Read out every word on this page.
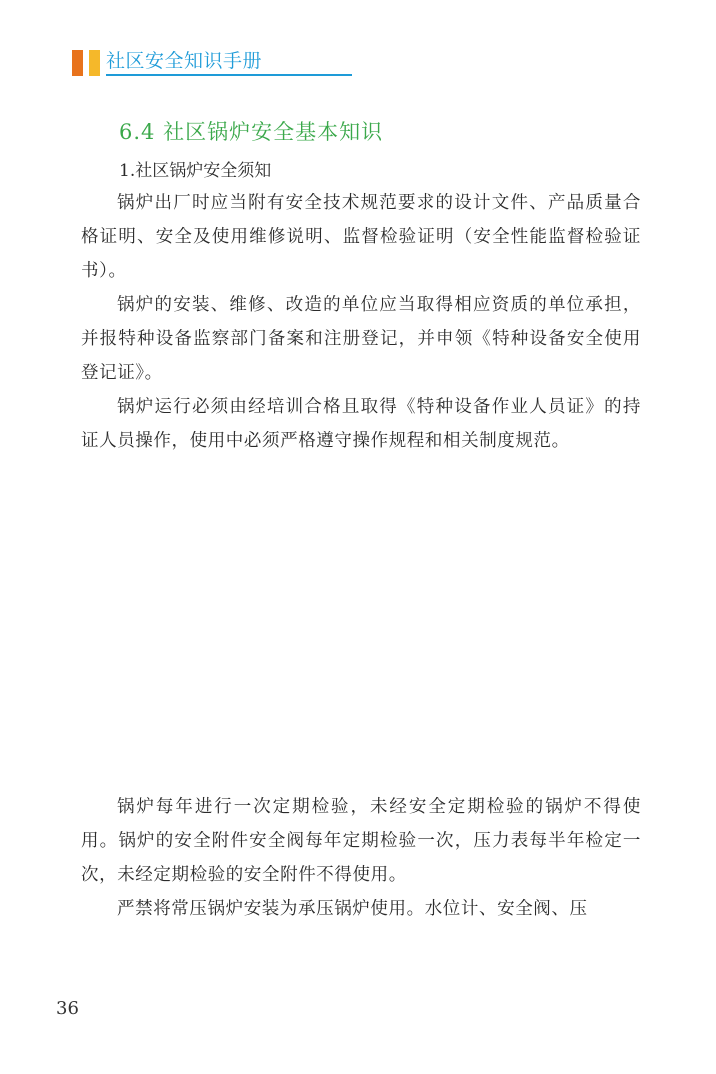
社区安全知识手册
6.4 社区锅炉安全基本知识
1.社区锅炉安全须知

锅炉出厂时应当附有安全技术规范要求的设计文件、产品质量合格证明、安全及使用维修说明、监督检验证明（安全性能监督检验证书）。

锅炉的安装、维修、改造的单位应当取得相应资质的单位承担，并报特种设备监察部门备案和注册登记，并申领《特种设备安全使用登记证》。

锅炉运行必须由经培训合格且取得《特种设备作业人员证》的持证人员操作，使用中必须严格遵守操作规程和相关制度规范。

锅炉每年进行一次定期检验，未经安全定期检验的锅炉不得使用。锅炉的安全附件安全阀每年定期检验一次，压力表每半年检定一次，未经定期检验的安全附件不得使用。

严禁将常压锅炉安装为承压锅炉使用。水位计、安全阀、压

36
